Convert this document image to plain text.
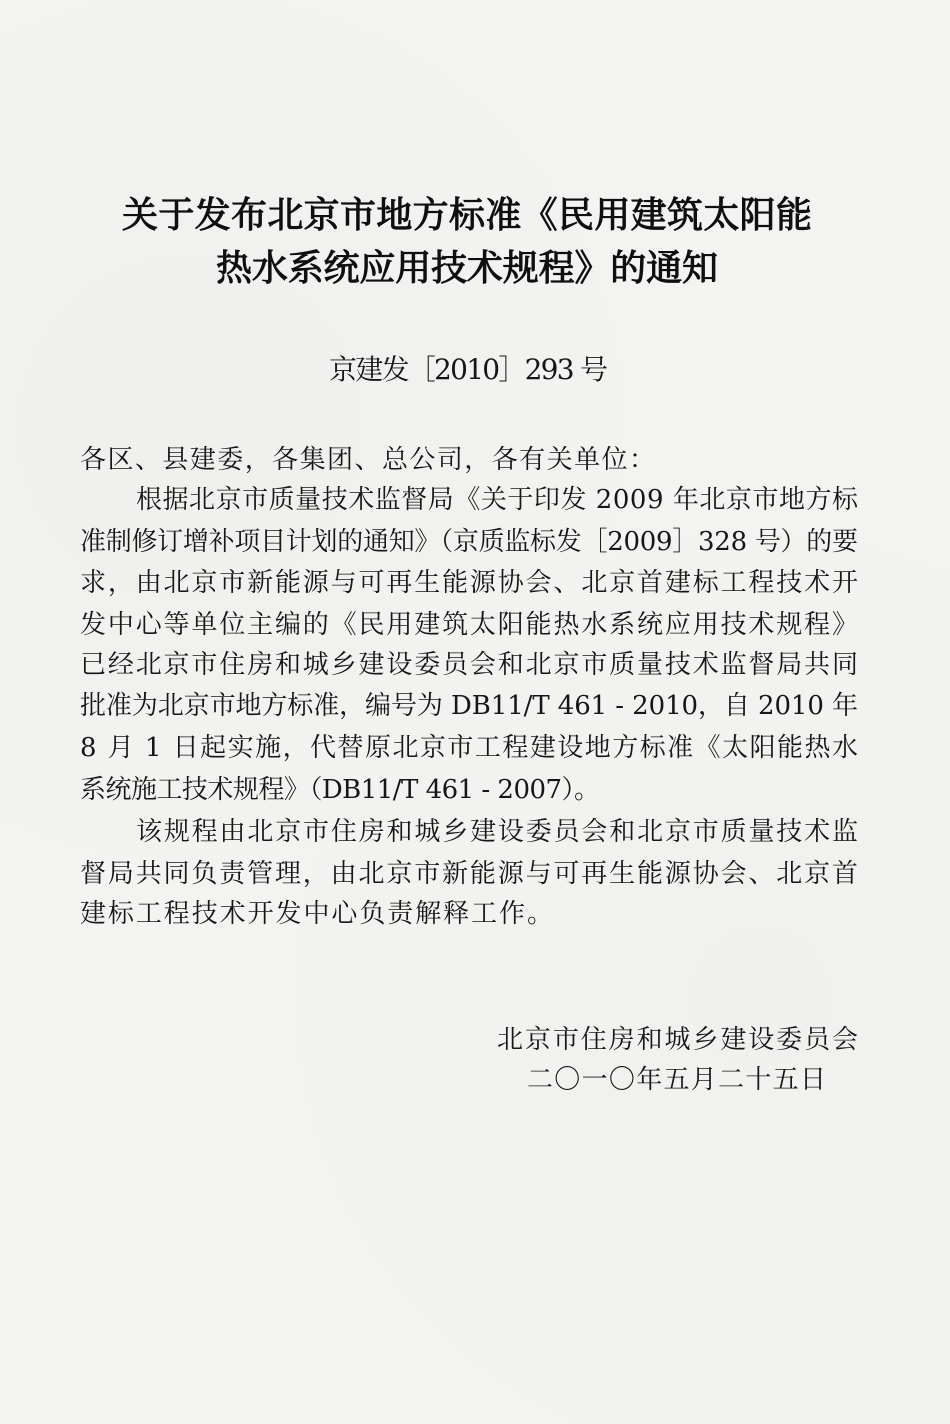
关于发布北京市地方标准《民用建筑太阳能
热水系统应用技术规程》的通知
京建发［2010］293 号
各区、县建委，各集团、总公司，各有关单位：
根据北京市质量技术监督局《关于印发 2009 年北京市地方标
准制修订增补项目计划的通知》（京质监标发［2009］328 号）的要
求，由北京市新能源与可再生能源协会、北京首建标工程技术开
发中心等单位主编的《民用建筑太阳能热水系统应用技术规程》
已经北京市住房和城乡建设委员会和北京市质量技术监督局共同
批准为北京市地方标准，编号为 DB11/T 461 - 2010，自 2010 年
8 月 1 日起实施，代替原北京市工程建设地方标准《太阳能热水
系统施工技术规程》（DB11/T 461 - 2007）。
该规程由北京市住房和城乡建设委员会和北京市质量技术监
督局共同负责管理，由北京市新能源与可再生能源协会、北京首
建标工程技术开发中心负责解释工作。
北京市住房和城乡建设委员会
二〇一〇年五月二十五日
